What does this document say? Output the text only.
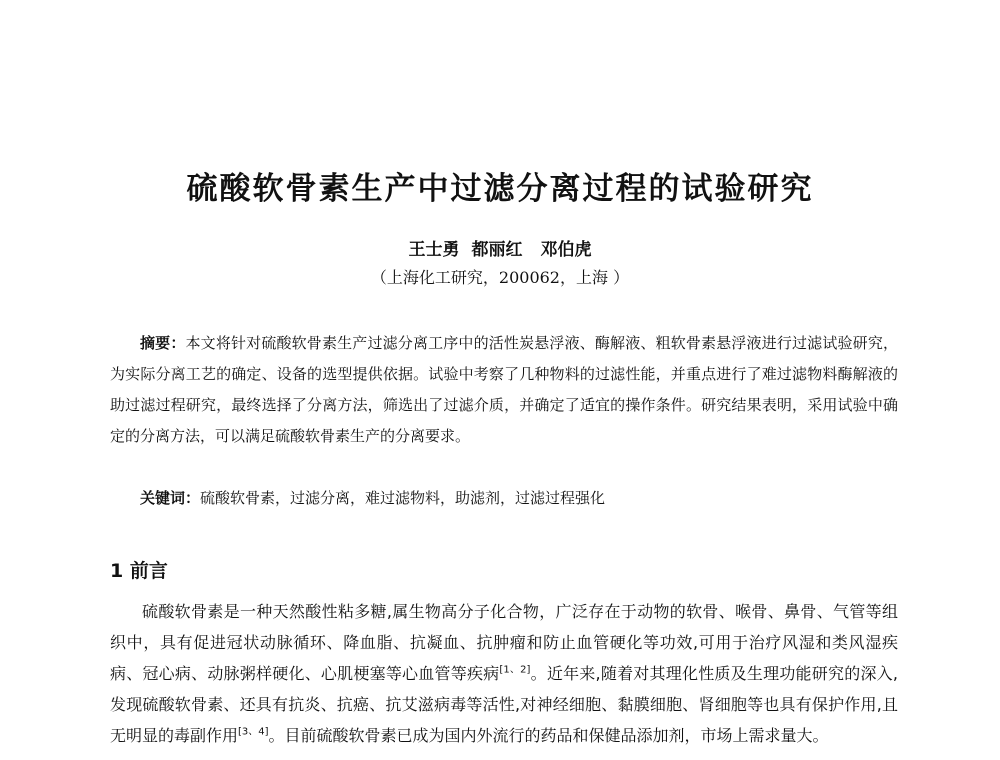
硫酸软骨素生产中过滤分离过程的试验研究
王士勇 都丽红 邓伯虎
（上海化工研究，200062，上海 ）
摘要：本文将针对硫酸软骨素生产过滤分离工序中的活性炭悬浮液、酶解液、粗软骨素悬浮液进行过滤试验研究，为实际分离工艺的确定、设备的选型提供依据。试验中考察了几种物料的过滤性能，并重点进行了难过滤物料酶解液的助过滤过程研究，最终选择了分离方法，筛选出了过滤介质，并确定了适宜的操作条件。研究结果表明，采用试验中确定的分离方法，可以满足硫酸软骨素生产的分离要求。
关键词：硫酸软骨素，过滤分离，难过滤物料，助滤剂，过滤过程强化
1 前言
硫酸软骨素是一种天然酸性粘多糖,属生物高分子化合物，广泛存在于动物的软骨、喉骨、鼻骨、气管等组织中，具有促进冠状动脉循环、降血脂、抗凝血、抗肿瘤和防止血管硬化等功效,可用于治疗风湿和类风湿疾病、冠心病、动脉粥样硬化、心肌梗塞等心血管等疾病[1、2]。近年来,随着对其理化性质及生理功能研究的深入,发现硫酸软骨素、还具有抗炎、抗癌、抗艾滋病毒等活性,对神经细胞、黏膜细胞、肾细胞等也具有保护作用,且无明显的毒副作用[3、4]。目前硫酸软骨素已成为国内外流行的药品和保健品添加剂，市场上需求量大。
